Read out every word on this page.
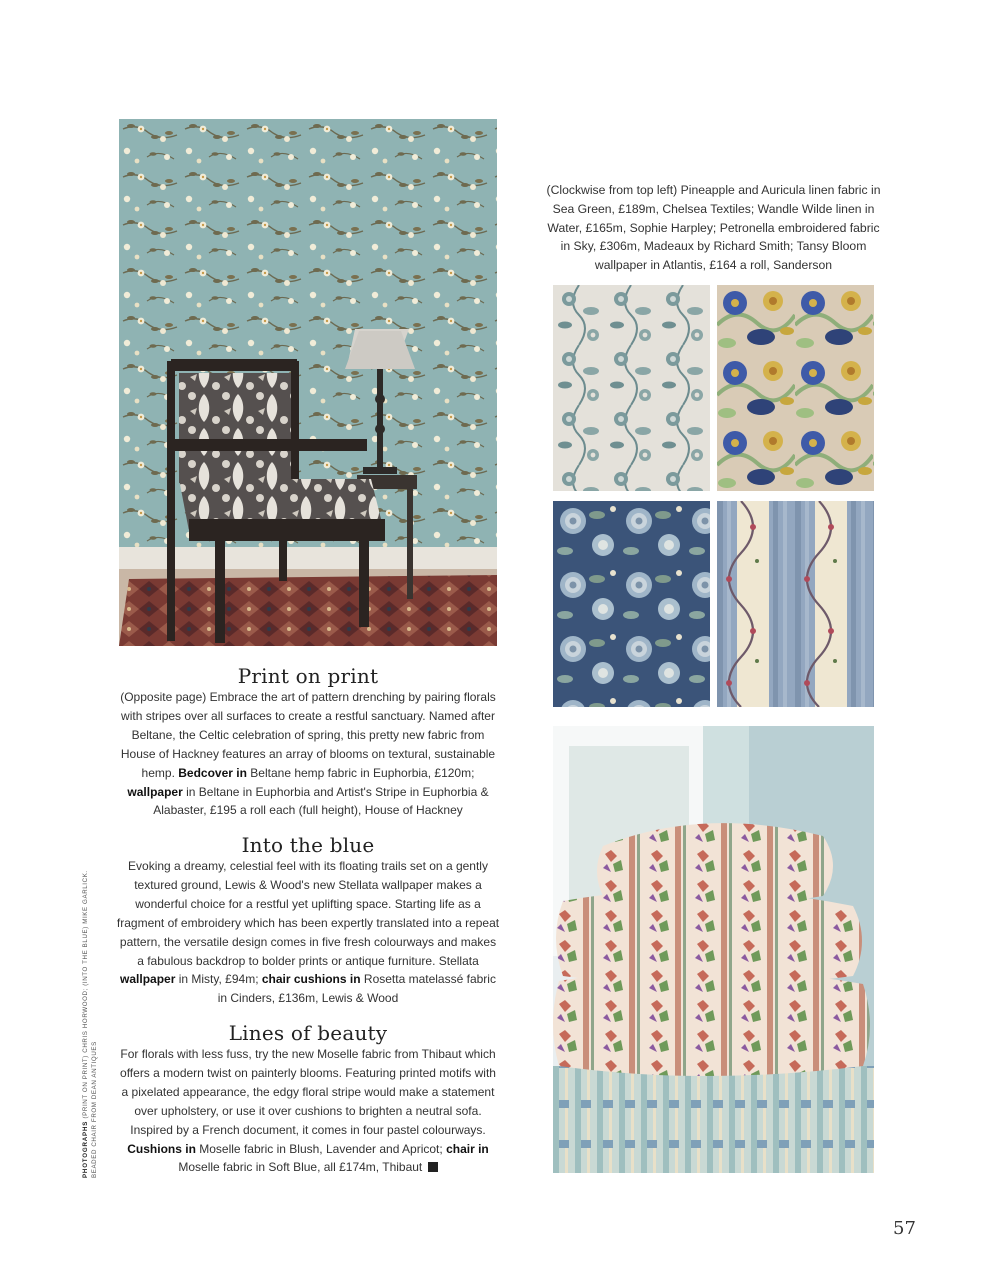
(Clockwise from top left) Pineapple and Auricula linen fabric in Sea Green, £189m, Chelsea Textiles; Wandle Wilde linen in Water, £165m, Sophie Harpley; Petronella embroidered fabric in Sky, £306m, Madeaux by Richard Smith; Tansy Bloom wallpaper in Atlantis, £164 a roll, Sanderson
Print on print

(Opposite page) Embrace the art of pattern drenching by pairing florals with stripes over all surfaces to create a restful sanctuary. Named after Beltane, the Celtic celebration of spring, this pretty new fabric from House of Hackney features an array of blooms on textural, sustainable hemp. Bedcover in Beltane hemp fabric in Euphorbia, £120m; wallpaper in Beltane in Euphorbia and Artist's Stripe in Euphorbia & Alabaster, £195 a roll each (full height), House of Hackney

Into the blue

Evoking a dreamy, celestial feel with its floating trails set on a gently textured ground, Lewis & Wood's new Stellata wallpaper makes a wonderful choice for a restful yet uplifting space. Starting life as a fragment of embroidery which has been expertly translated into a repeat pattern, the versatile design comes in five fresh colourways and makes a fabulous backdrop to bolder prints or antique furniture. Stellata wallpaper in Misty, £94m; chair cushions in Rosetta matelassé fabric in Cinders, £136m, Lewis & Wood

Lines of beauty

For florals with less fuss, try the new Moselle fabric from Thibaut which offers a modern twist on painterly blooms. Featuring printed motifs with a pixelated appearance, the edgy floral stripe would make a statement over upholstery, or use it over cushions to brighten a neutral sofa. Inspired by a French document, it comes in four pastel colourways. Cushions in Moselle fabric in Blush, Lavender and Apricot; chair in Moselle fabric in Soft Blue, all £174m, Thibaut

PHOTOGRAPHS (PRINT ON PRINT) CHRIS HORWOOD; (INTO THE BLUE) MIKE GARLICK. BEADED CHAIR FROM DEAN ANTIQUES
57
